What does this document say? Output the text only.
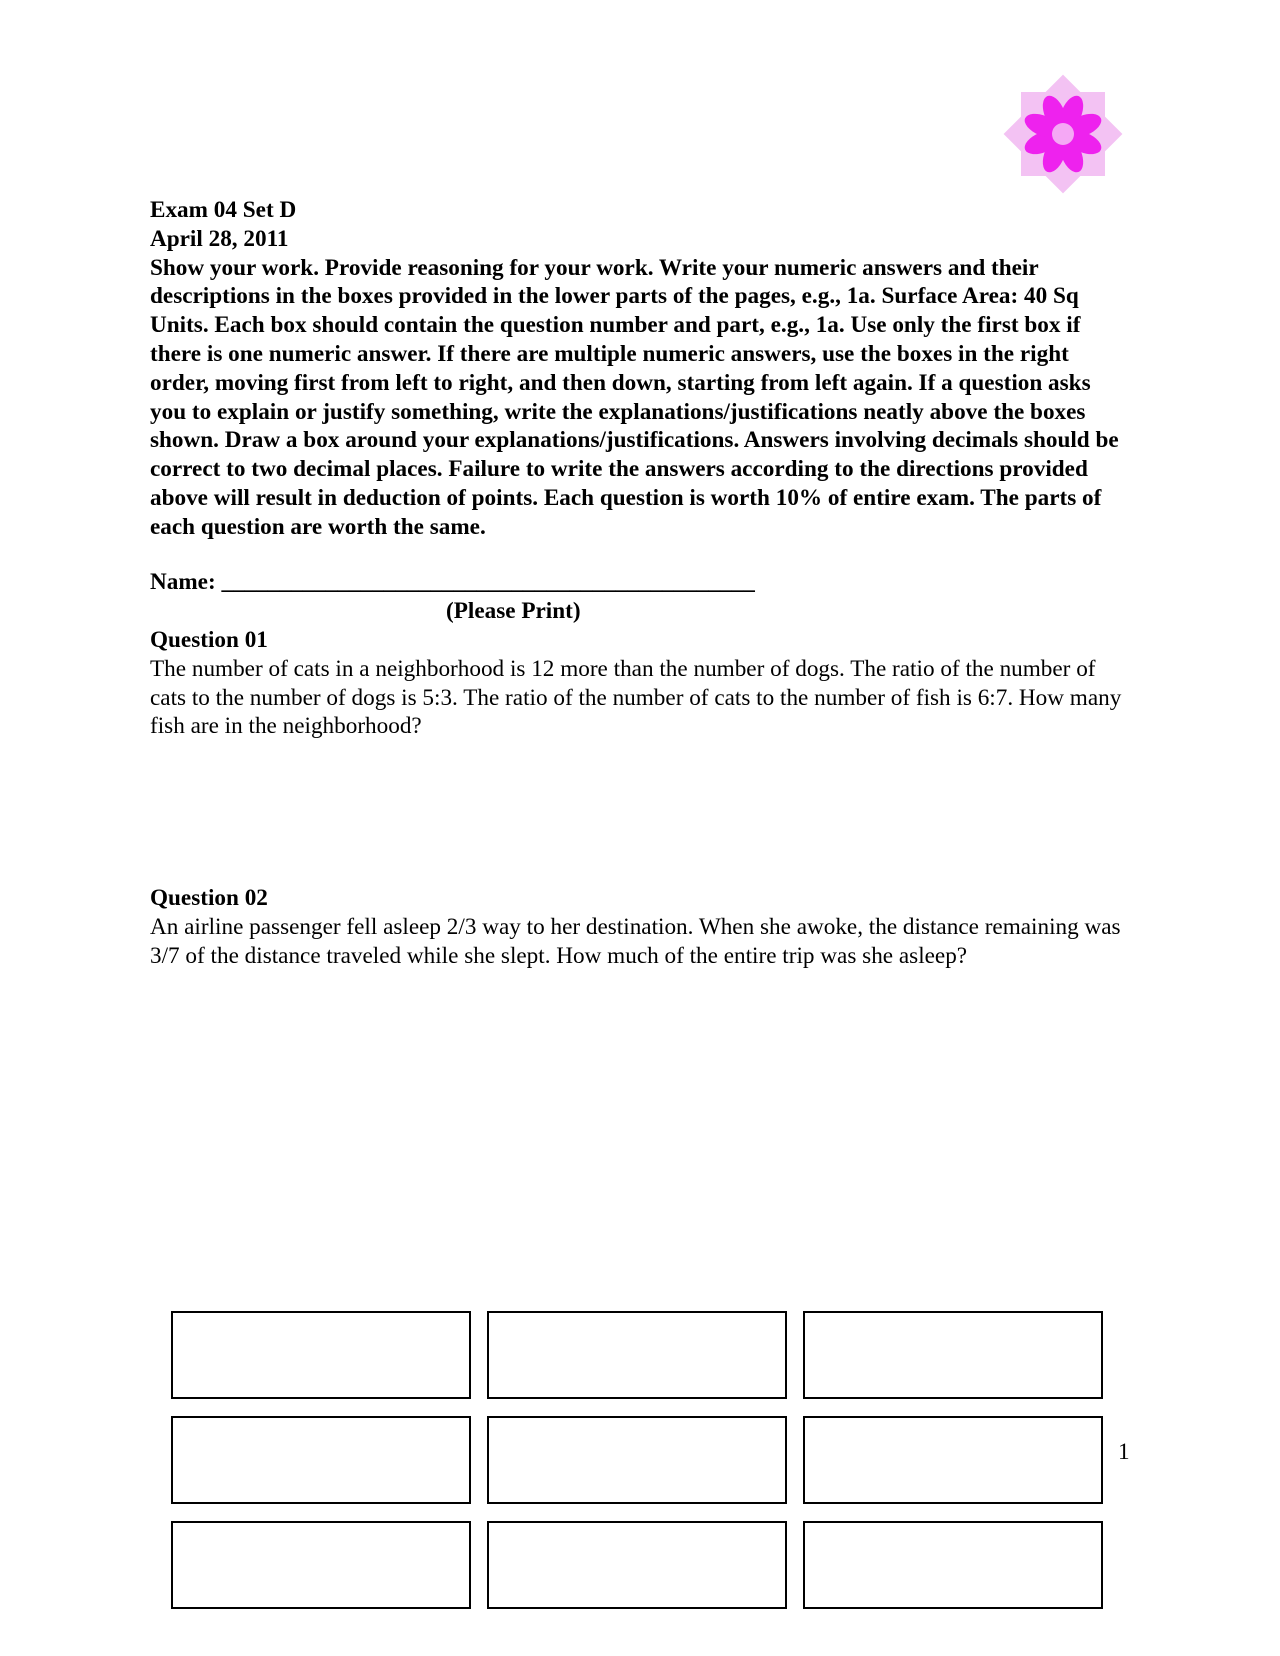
Exam 04 Set D
April 28, 2011
Show your work. Provide reasoning for your work. Write your numeric answers and their descriptions in the boxes provided in the lower parts of the pages, e.g., 1a. Surface Area: 40 Sq Units. Each box should contain the question number and part, e.g., 1a. Use only the first box if there is one numeric answer. If there are multiple numeric answers, use the boxes in the right order, moving first from left to right, and then down, starting from left again. If a question asks you to explain or justify something, write the explanations/justifications neatly above the boxes shown. Draw a box around your explanations/justifications. Answers involving decimals should be correct to two decimal places. Failure to write the answers according to the directions provided above will result in deduction of points. Each question is worth 10% of entire exam. The parts of each question are worth the same.
Name: ______________________________________________
(Please Print)
Question 01
The number of cats in a neighborhood is 12 more than the number of dogs. The ratio of the number of cats to the number of dogs is 5:3. The ratio of the number of cats to the number of fish is 6:7. How many fish are in the neighborhood?
Question 02
An airline passenger fell asleep 2/3 way to her destination. When she awoke, the distance remaining was 3/7 of the distance traveled while she slept. How much of the entire trip was she asleep?
1
